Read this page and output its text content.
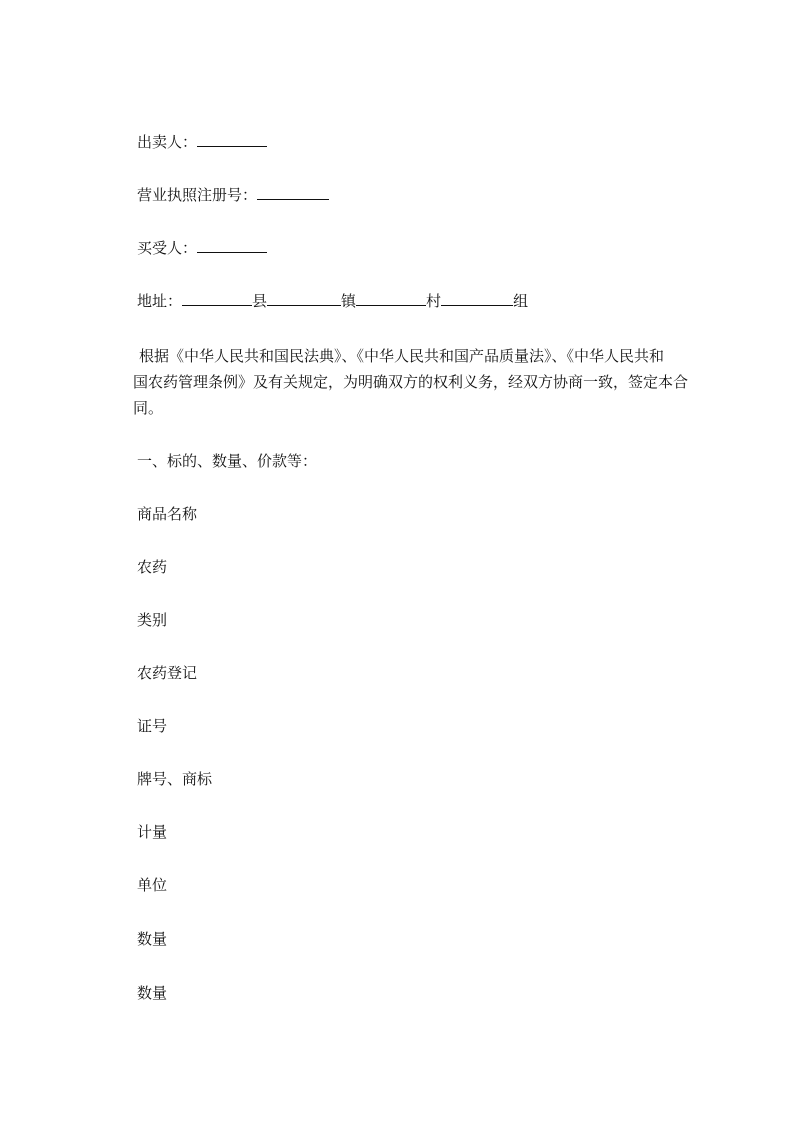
出卖人：
营业执照注册号：
买受人：
地址：	县	镇	村	组
根据《中华人民共和国民法典》、《中华人民共和国产品质量法》、《中华人民共和
国农药管理条例》及有关规定，为明确双方的权利义务，经双方协商一致，签定本合
同。
一、标的、数量、价款等：
商品名称
农药
类别
农药登记
证号
牌号、商标
计量
单位
数量
数量
